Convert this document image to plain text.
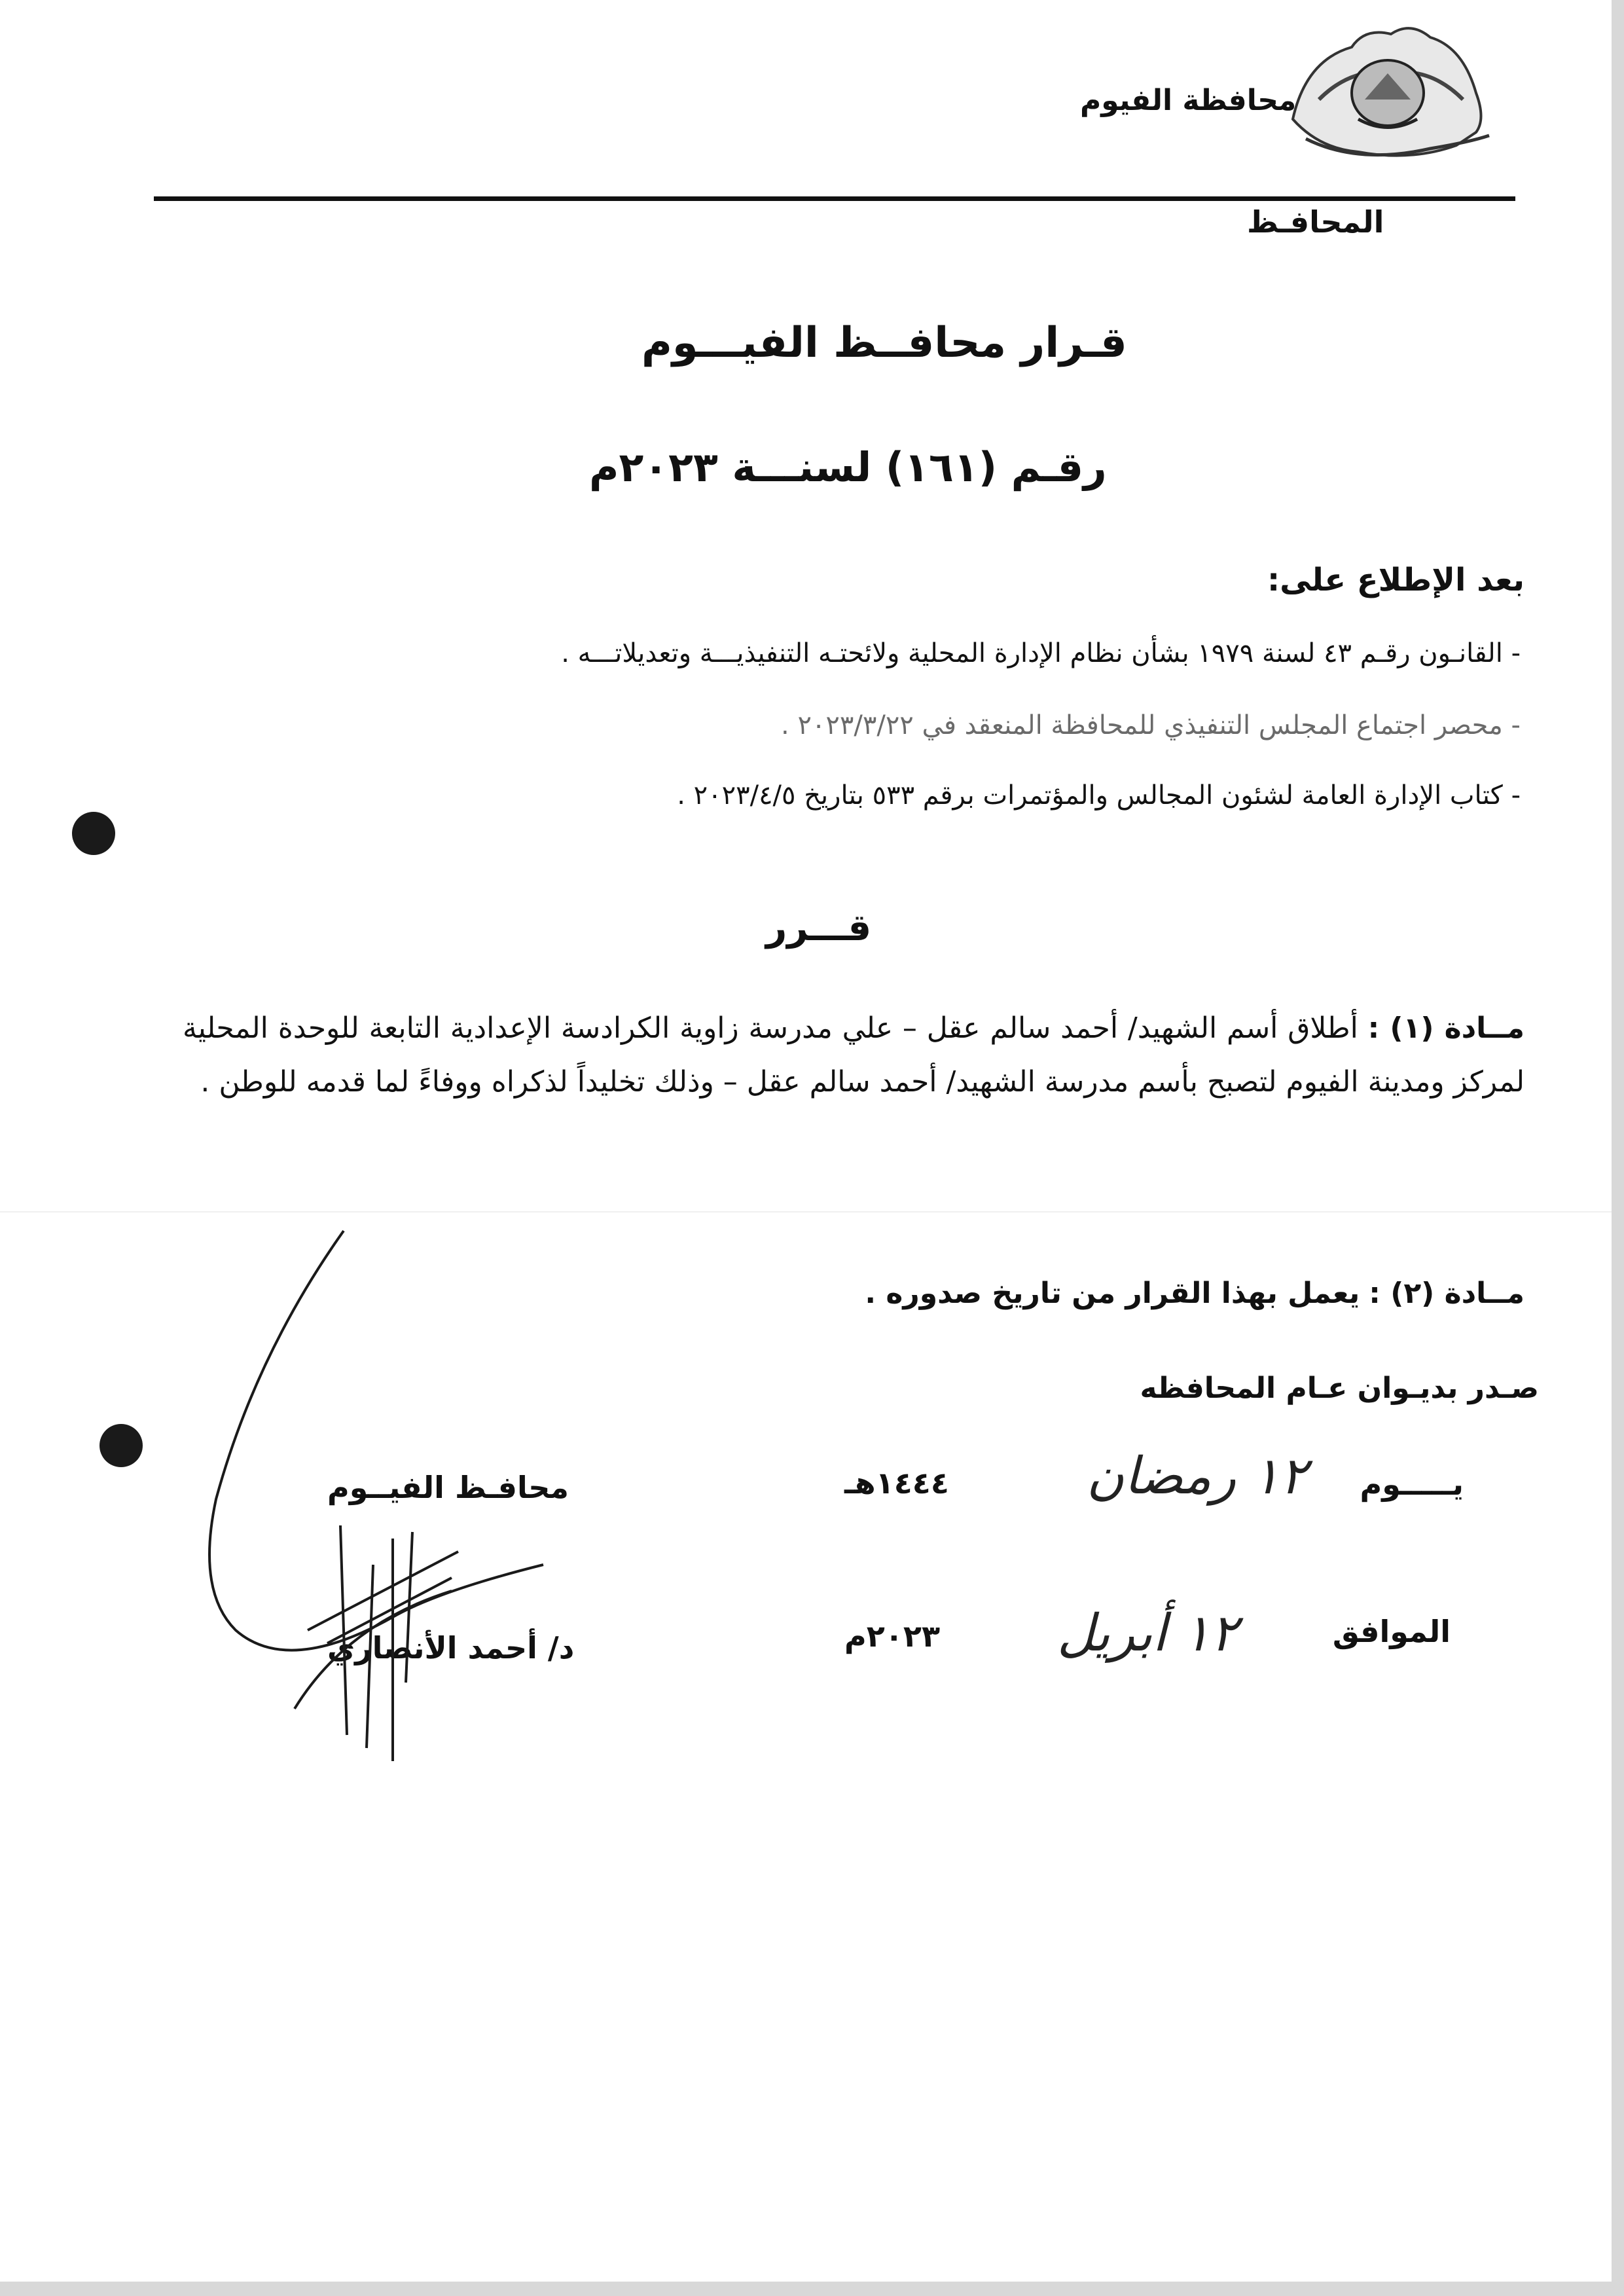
محافظة الفيوم
المحافـظ
قـرار محافــظ الفيـــوم
رقـم (١٦١) لسنـــة ٢٠٢٣م
بعد الإطلاع على:
- القانـون رقـم ٤٣ لسنة ١٩٧٩ بشأن نظام الإدارة المحلية ولائحتـه التنفيذيـــة وتعديلاتـــه .
- محصر اجتماع المجلس التنفيذي للمحافظة المنعقد في ٢٠٢٣/٣/٢٢ .
- كتاب الإدارة العامة لشئون المجالس والمؤتمرات برقم ٥٣٣ بتاريخ ٢٠٢٣/٤/٥ .
قـــرر
مــادة (١) : أطلاق أسم الشهيد/ أحمد سالم عقل – علي مدرسة زاوية الكرادسة الإعدادية التابعة للوحدة المحلية لمركز ومدينة الفيوم لتصبح بأسم مدرسة الشهيد/ أحمد سالم عقل – وذلك تخليداً لذكراه ووفاءً لما قدمه للوطن .
مــادة (٢) : يعمل بهذا القرار من تاريخ صدوره .
صـدر بديـوان عـام المحافظه
يـــــوم
١٢ رمضان
١٤٤٤هـ
محافـظ الفيــوم
الموافق
١٢ أبريل
٢٠٢٣م
د/ أحمد الأنصاري
